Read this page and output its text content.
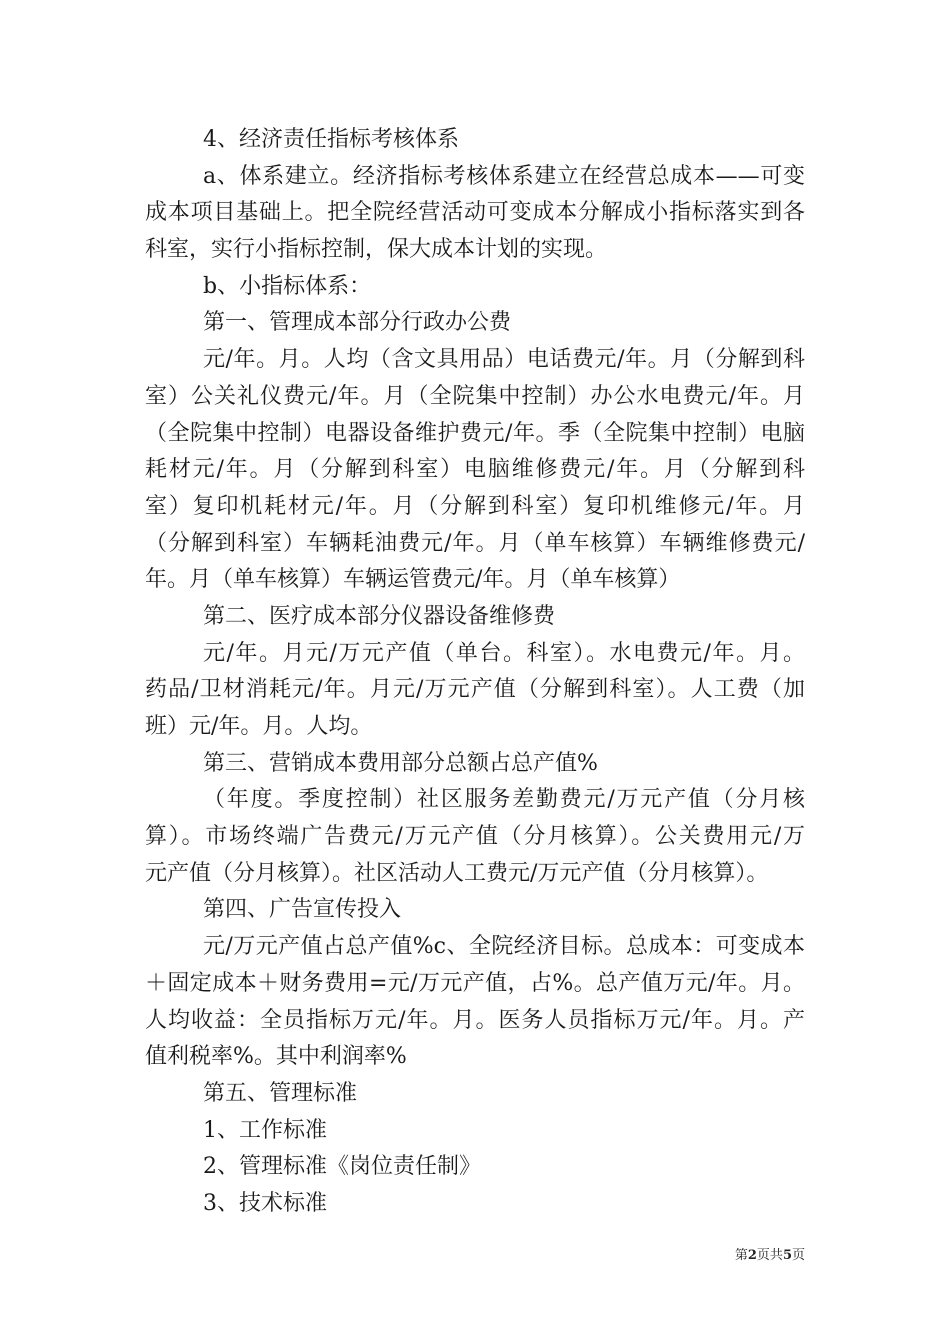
4、经济责任指标考核体系
a、体系建立。经济指标考核体系建立在经营总成本——可变
成本项目基础上。把全院经营活动可变成本分解成小指标落实到各
科室，实行小指标控制，保大成本计划的实现。
b、小指标体系：
第一、管理成本部分行政办公费
元/年。月。人均（含文具用品）电话费元/年。月（分解到科
室）公关礼仪费元/年。月（全院集中控制）办公水电费元/年。月
（全院集中控制）电器设备维护费元/年。季（全院集中控制）电脑
耗材元/年。月（分解到科室）电脑维修费元/年。月（分解到科
室）复印机耗材元/年。月（分解到科室）复印机维修元/年。月
（分解到科室）车辆耗油费元/年。月（单车核算）车辆维修费元/
年。月（单车核算）车辆运管费元/年。月（单车核算）
第二、医疗成本部分仪器设备维修费
元/年。月元/万元产值（单台。科室）。水电费元/年。月。
药品/卫材消耗元/年。月元/万元产值（分解到科室）。人工费（加
班）元/年。月。人均。
第三、营销成本费用部分总额占总产值%
（年度。季度控制）社区服务差勤费元/万元产值（分月核
算）。市场终端广告费元/万元产值（分月核算）。公关费用元/万
元产值（分月核算）。社区活动人工费元/万元产值（分月核算）。
第四、广告宣传投入
元/万元产值占总产值%c、全院经济目标。总成本：可变成本
＋固定成本＋财务费用=元/万元产值，占%。总产值万元/年。月。
人均收益：全员指标万元/年。月。医务人员指标万元/年。月。产
值利税率%。其中利润率%
第五、管理标准
1、工作标准
2、管理标准《岗位责任制》
3、技术标准
第2页共5页
